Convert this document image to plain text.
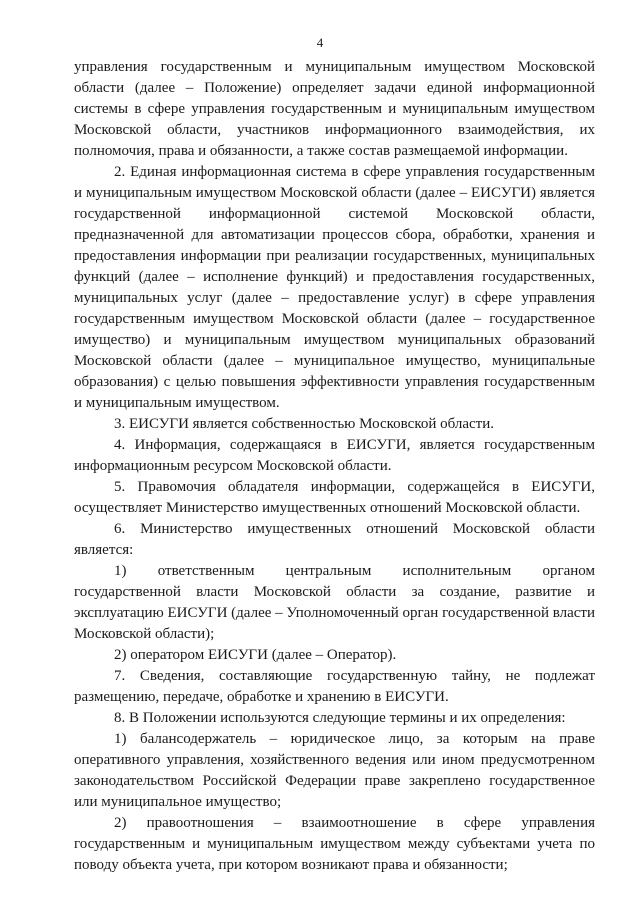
4

управления государственным и муниципальным имуществом Московской области (далее – Положение) определяет задачи единой информационной системы в сфере управления государственным и муниципальным имуществом Московской области, участников информационного взаимодействия, их полномочия, права и обязанности, а также состав размещаемой информации.

2. Единая информационная система в сфере управления государственным и муниципальным имуществом Московской области (далее – ЕИСУГИ) является государственной информационной системой Московской области, предназначенной для автоматизации процессов сбора, обработки, хранения и предоставления информации при реализации государственных, муниципальных функций (далее – исполнение функций) и предоставления государственных, муниципальных услуг (далее – предоставление услуг) в сфере управления государственным имуществом Московской области (далее – государственное имущество) и муниципальным имуществом муниципальных образований Московской области (далее – муниципальное имущество, муниципальные образования) с целью повышения эффективности управления государственным и муниципальным имуществом.

3. ЕИСУГИ является собственностью Московской области.

4. Информация, содержащаяся в ЕИСУГИ, является государственным информационным ресурсом Московской области.

5. Правомочия обладателя информации, содержащейся в ЕИСУГИ, осуществляет Министерство имущественных отношений Московской области.

6. Министерство имущественных отношений Московской области является:

1) ответственным центральным исполнительным органом государственной власти Московской области за создание, развитие и эксплуатацию ЕИСУГИ (далее – Уполномоченный орган государственной власти Московской области);

2) оператором ЕИСУГИ (далее – Оператор).

7. Сведения, составляющие государственную тайну, не подлежат размещению, передаче, обработке и хранению в ЕИСУГИ.

8. В Положении используются следующие термины и их определения:

1) балансодержатель – юридическое лицо, за которым на праве оперативного управления, хозяйственного ведения или ином предусмотренном законодательством Российской Федерации праве закреплено государственное или муниципальное имущество;

2) правоотношения – взаимоотношение в сфере управления государственным и муниципальным имуществом между субъектами учета по поводу объекта учета, при котором возникают права и обязанности;
